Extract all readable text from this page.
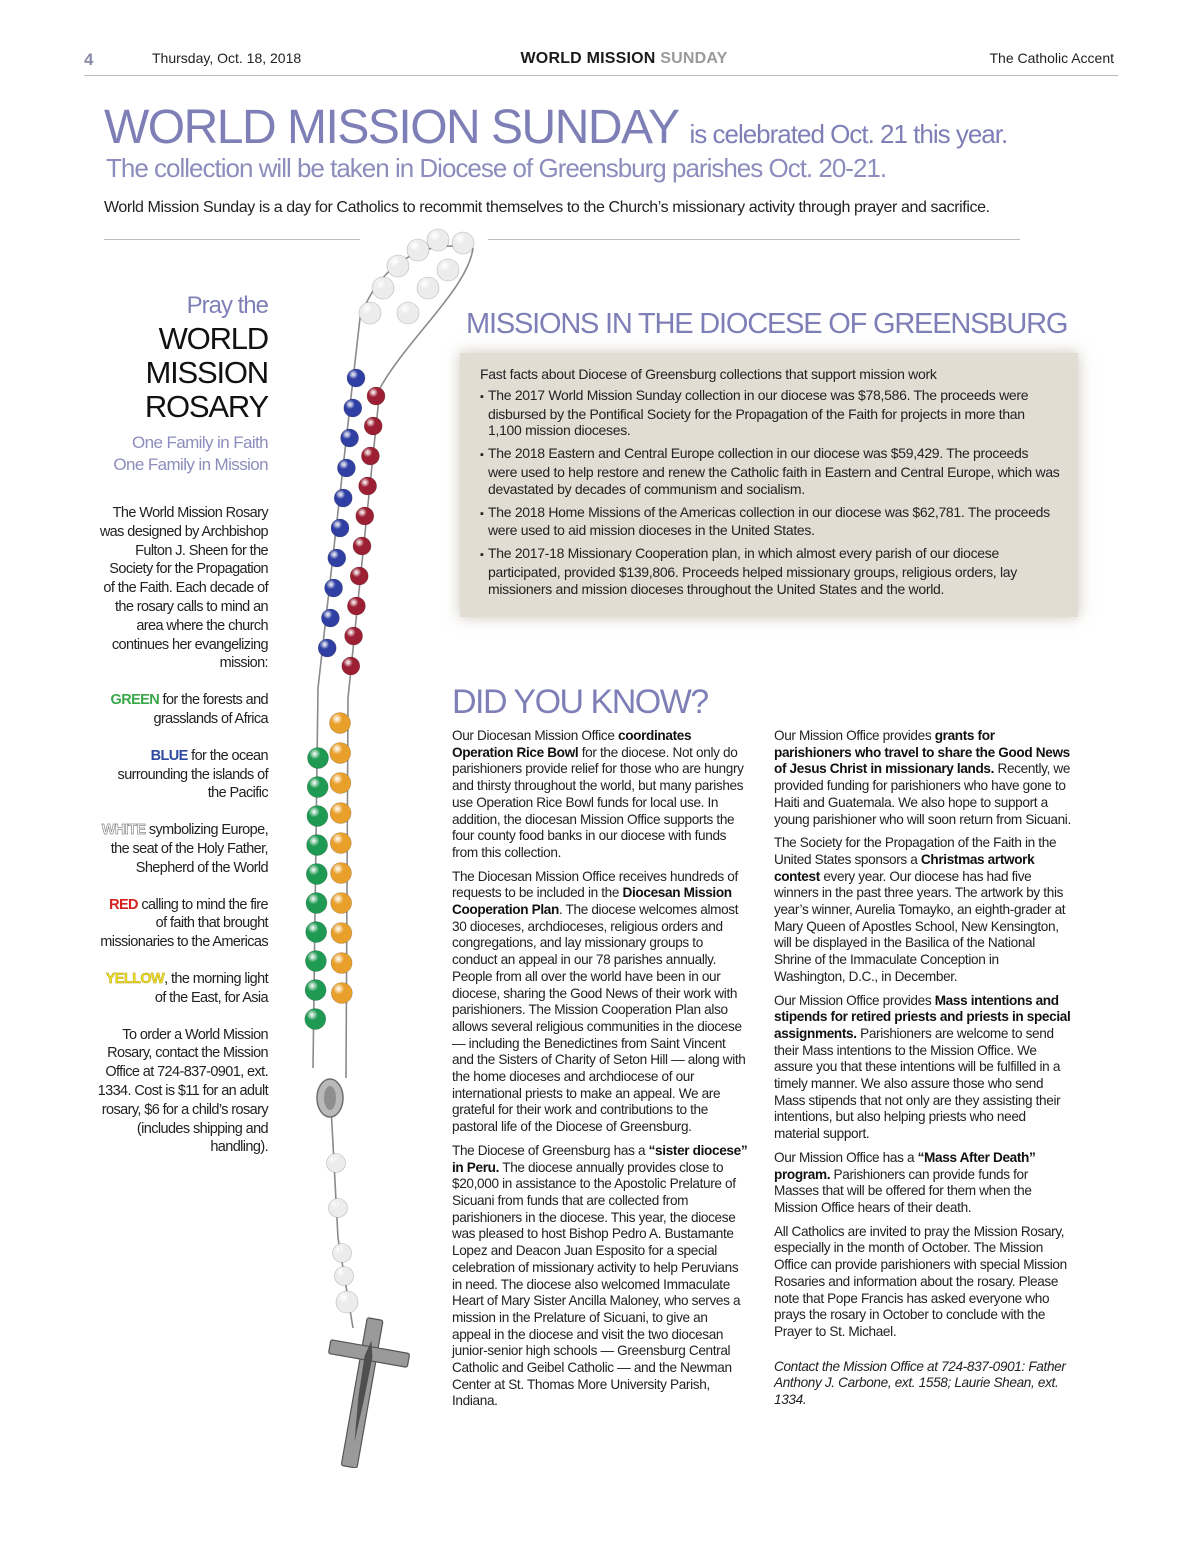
4	Thursday, Oct. 18, 2018	WORLD MISSION SUNDAY	The Catholic Accent
WORLD MISSION SUNDAY is celebrated Oct. 21 this year.
The collection will be taken in Diocese of Greensburg parishes Oct. 20-21.
World Mission Sunday is a day for Catholics to recommit themselves to the Church’s missionary activity through prayer and sacrifice.
Pray the
WORLD
MISSION
ROSARY
One Family in Faith
One Family in Mission
The World Mission Rosary was designed by Archbishop Fulton J. Sheen for the Society for the Propagation of the Faith. Each decade of the rosary calls to mind an area where the church continues her evangelizing mission:
GREEN for the forests and grasslands of Africa
BLUE for the ocean surrounding the islands of the Pacific
WHITE symbolizing Europe, the seat of the Holy Father, Shepherd of the World
RED calling to mind the fire of faith that brought missionaries to the Americas
YELLOW, the morning light of the East, for Asia
To order a World Mission Rosary, contact the Mission Office at 724-837-0901, ext. 1334. Cost is $11 for an adult rosary, $6 for a child’s rosary (includes shipping and handling).
MISSIONS IN THE DIOCESE OF GREENSBURG
Fast facts about Diocese of Greensburg collections that support mission work
▪ The 2017 World Mission Sunday collection in our diocese was $78,586. The proceeds were disbursed by the Pontifical Society for the Propagation of the Faith for projects in more than 1,100 mission dioceses.
▪ The 2018 Eastern and Central Europe collection in our diocese was $59,429. The proceeds were used to help restore and renew the Catholic faith in Eastern and Central Europe, which was devastated by decades of communism and socialism.
▪ The 2018 Home Missions of the Americas collection in our diocese was $62,781. The proceeds were used to aid mission dioceses in the United States.
▪ The 2017-18 Missionary Cooperation plan, in which almost every parish of our diocese participated, provided $139,806. Proceeds helped missionary groups, religious orders, lay missioners and mission dioceses throughout the United States and the world.
DID YOU KNOW?

Our Diocesan Mission Office coordinates Operation Rice Bowl for the diocese. Not only do parishioners provide relief for those who are hungry and thirsty throughout the world, but many parishes use Operation Rice Bowl funds for local use. In addition, the diocesan Mission Office supports the four county food banks in our diocese with funds from this collection.

The Diocesan Mission Office receives hundreds of requests to be included in the Diocesan Mission Cooperation Plan. The diocese welcomes almost 30 dioceses, archdioceses, religious orders and congregations, and lay missionary groups to conduct an appeal in our 78 parishes annually. People from all over the world have been in our diocese, sharing the Good News of their work with parishioners. The Mission Cooperation Plan also allows several religious communities in the diocese — including the Benedictines from Saint Vincent and the Sisters of Charity of Seton Hill — along with the home dioceses and archdiocese of our international priests to make an appeal. We are grateful for their work and contributions to the pastoral life of the Diocese of Greensburg.

The Diocese of Greensburg has a “sister diocese” in Peru. The diocese annually provides close to $20,000 in assistance to the Apostolic Prelature of Sicuani from funds that are collected from parishioners in the diocese. This year, the diocese was pleased to host Bishop Pedro A. Bustamante Lopez and Deacon Juan Esposito for a special celebration of missionary activity to help Peruvians in need. The diocese also welcomed Immaculate Heart of Mary Sister Ancilla Maloney, who serves a mission in the Prelature of Sicuani, to give an appeal in the diocese and visit the two diocesan junior-senior high schools — Greensburg Central Catholic and Geibel Catholic — and the Newman Center at St. Thomas More University Parish, Indiana.

Our Mission Office provides grants for parishioners who travel to share the Good News of Jesus Christ in missionary lands. Recently, we provided funding for parishioners who have gone to Haiti and Guatemala. We also hope to support a young parishioner who will soon return from Sicuani.

The Society for the Propagation of the Faith in the United States sponsors a Christmas artwork contest every year. Our diocese has had five winners in the past three years. The artwork by this year’s winner, Aurelia Tomayko, an eighth-grader at Mary Queen of Apostles School, New Kensington, will be displayed in the Basilica of the National Shrine of the Immaculate Conception in Washington, D.C., in December.

Our Mission Office provides Mass intentions and stipends for retired priests and priests in special assignments. Parishioners are welcome to send their Mass intentions to the Mission Office. We assure you that these intentions will be fulfilled in a timely manner. We also assure those who send Mass stipends that not only are they assisting their intentions, but also helping priests who need material support.

Our Mission Office has a “Mass After Death” program. Parishioners can provide funds for Masses that will be offered for them when the Mission Office hears of their death.

All Catholics are invited to pray the Mission Rosary, especially in the month of October. The Mission Office can provide parishioners with special Mission Rosaries and information about the rosary. Please note that Pope Francis has asked everyone who prays the rosary in October to conclude with the Prayer to St. Michael.

Contact the Mission Office at 724-837-0901: Father Anthony J. Carbone, ext. 1558; Laurie Shean, ext. 1334.
